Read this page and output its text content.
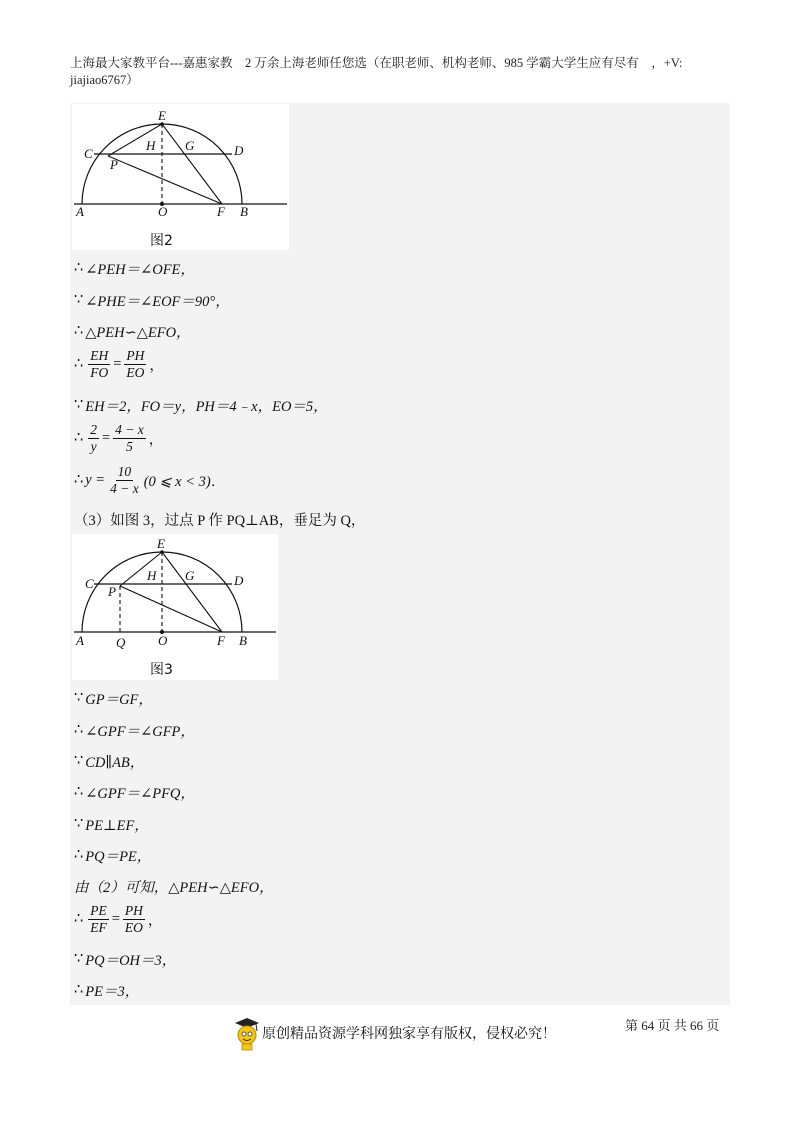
上海最大家教平台---嘉惠家教　2 万余上海老师任您选（在职老师、机构老师、985 学霸大学生应有尽有　，+V:
jiajiao6767）
E
C	D
H G
P
A	O	F B
图2
∴ ∠PEH＝∠OFE，
∵ ∠PHE＝∠EOF＝90°，
∴ △PEH∽△EFO，
∴ $\frac{EH}{FO} = \frac{PH}{EO}$ ，
∵ EH＝2，FO＝y，PH＝4﹣x，EO＝5，
∴ $\frac{2}{y} = \frac{4 - x}{5}$ ，
∴ $y = \frac{10}{4 - x} (0$ ⩽ x < 3)．
（3）如图 3，过点 P 作 PQ⊥AB，垂足为 Q，
E
C	D
H G
P
A Q	O	F B
图3
∵ GP＝GF，
∴ ∠GPF＝∠GFP，
∵ CD∥AB，
∴ ∠GPF＝∠PFQ，
∵ PE⊥EF，
∴ PQ＝PE，
由（2）可知，△PEH∽△EFO，
∴ $\frac{PE}{EF} = \frac{PH}{EO}$ ，
∵ PQ＝OH＝3，
∴ PE＝3，
原创精品资源学科网独家享有版权，侵权必究！
第 64 页 共 66 页
